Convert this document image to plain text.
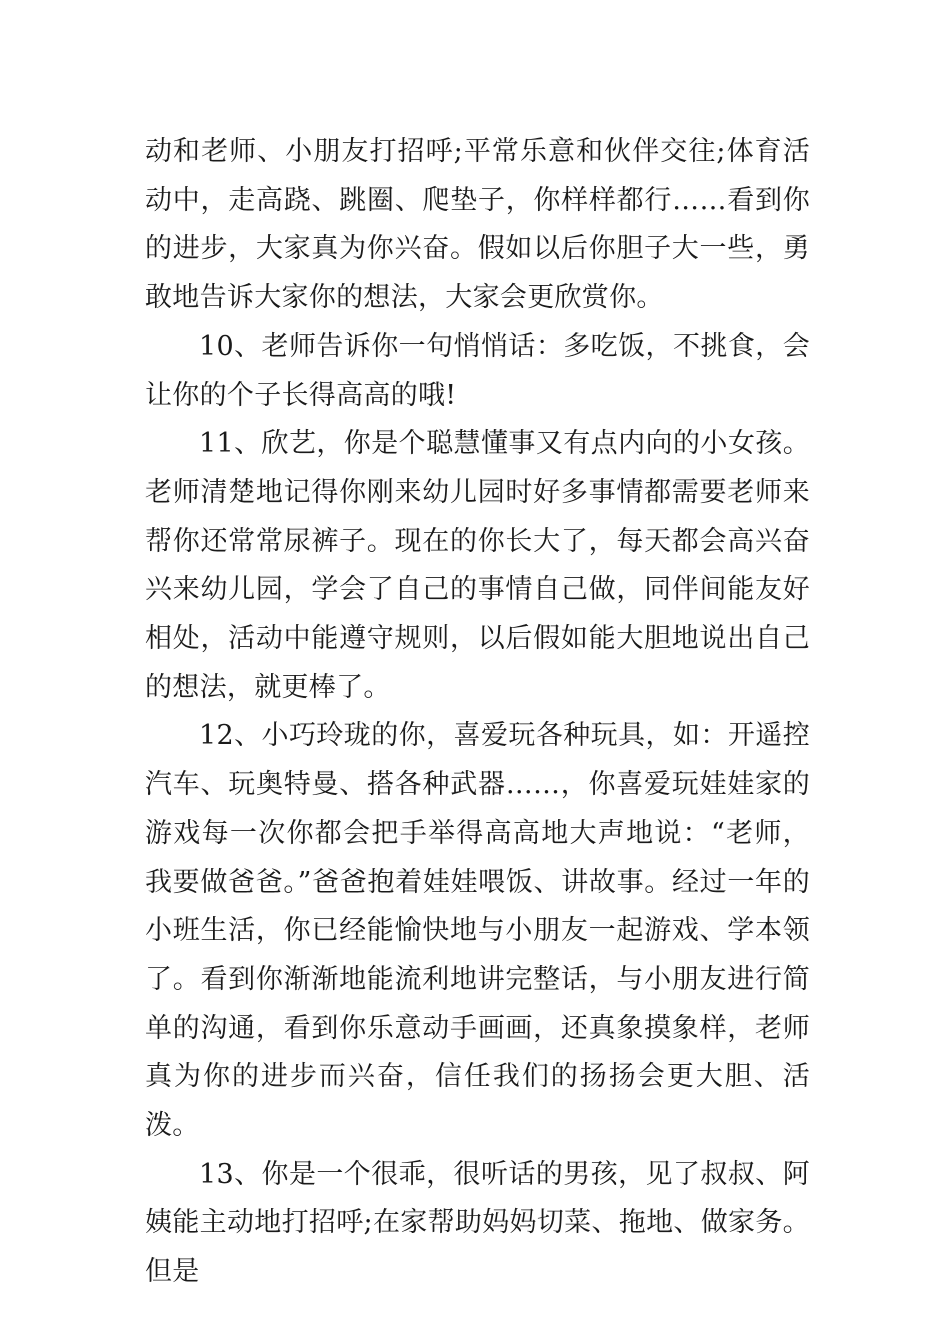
动和老师、小朋友打招呼;平常乐意和伙伴交往;体育活动中，走高跷、跳圈、爬垫子，你样样都行……看到你的进步，大家真为你兴奋。假如以后你胆子大一些，勇敢地告诉大家你的想法，大家会更欣赏你。

10、老师告诉你一句悄悄话：多吃饭，不挑食，会让你的个子长得高高的哦!

11、欣艺，你是个聪慧懂事又有点内向的小女孩。老师清楚地记得你刚来幼儿园时好多事情都需要老师来帮你还常常尿裤子。现在的你长大了，每天都会高兴奋兴来幼儿园，学会了自己的事情自己做，同伴间能友好相处，活动中能遵守规则，以后假如能大胆地说出自己的想法，就更棒了。

12、小巧玲珑的你，喜爱玩各种玩具，如：开遥控汽车、玩奥特曼、搭各种武器……，你喜爱玩娃娃家的游戏每一次你都会把手举得高高地大声地说：“老师，我要做爸爸。”爸爸抱着娃娃喂饭、讲故事。经过一年的小班生活，你已经能愉快地与小朋友一起游戏、学本领了。看到你渐渐地能流利地讲完整话，与小朋友进行简单的沟通，看到你乐意动手画画，还真象摸象样，老师真为你的进步而兴奋，信任我们的扬扬会更大胆、活泼。

13、你是一个很乖，很听话的男孩，见了叔叔、阿姨能主动地打招呼;在家帮助妈妈切菜、拖地、做家务。但是
